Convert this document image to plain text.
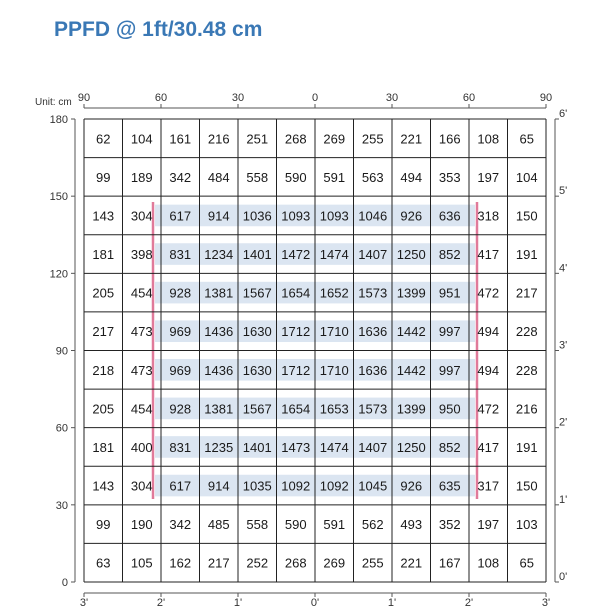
PPFD @ 1ft/30.48 cm
90	60	30	0	30	60	90
3'	2'	1'	0'	1'	2'	3'
0
30
60
90
120
150
180
0'
1'
2'
3'
4'
5'
6'
62 104 161 216 251 268 269 255 221 166 108 65
99 189 342 484 558 590 591 563 494 353 197 104
143 304 617 914 1036 1093 1093 1046 926 636 318 150
181 398 831 1234 1401 1472 1474 1407 1250 852 417 191
205 454 928 1381 1567 1654 1652 1573 1399 951 472 217
217 473 969 1436 1630 1712 1710 1636 1442 997 494 228
218 473 969 1436 1630 1712 1710 1636 1442 997 494 228
205 454 928 1381 1567 1654 1653 1573 1399 950 472 216
181 400 831 1235 1401 1473 1474 1407 1250 852 417 191
143 304 617 914 1035 1092 1092 1045 926 635 317 150
99 190 342 485 558 590 591 562 493 352 197 103
63 105 162 217 252 268 269 255 221 167 108 65
Unit: cm
